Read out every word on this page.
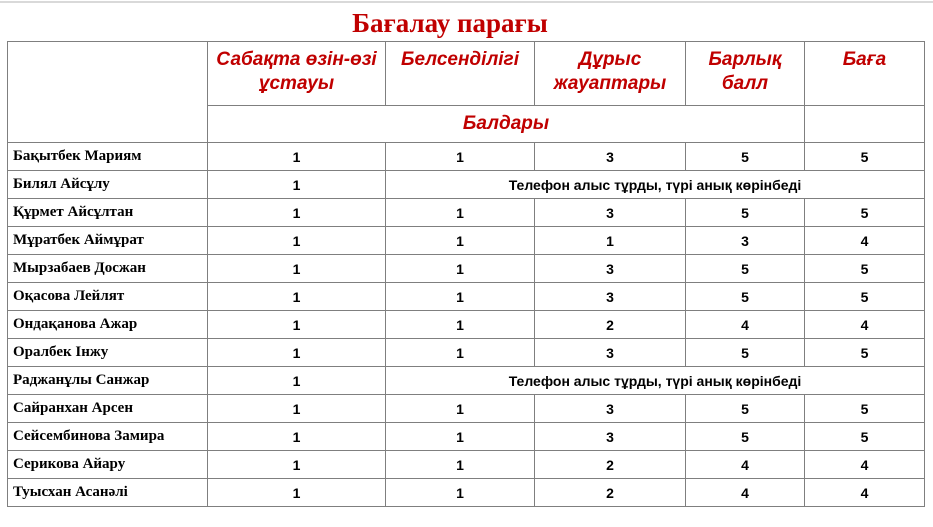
Бағалау парағы
	Сабақта өзін-өзі ұстауы	Белсенділігі	Дұрыс жауаптары	Барлық балл	Баға
	Балдары				
Бақытбек Мариям	1	1	3	5	5
Билял Айсұлу	1	Телефон алыс тұрды, түрі анық көрінбеді			
Құрмет Айсұлтан	1	1	3	5	5
Мұратбек Аймұрат	1	1	1	3	4
Мырзабаев Досжан	1	1	3	5	5
Оқасова Лейлят	1	1	3	5	5
Ондақанова Ажар	1	1	2	4	4
Оралбек Інжу	1	1	3	5	5
Раджанұлы Санжар	1	Телефон алыс тұрды, түрі анық көрінбеді			
Сайранхан Арсен	1	1	3	5	5
Сейсембинова Замира	1	1	3	5	5
Серикова Айару	1	1	2	4	4
Туысхан Асанәлі	1	1	2	4	4
